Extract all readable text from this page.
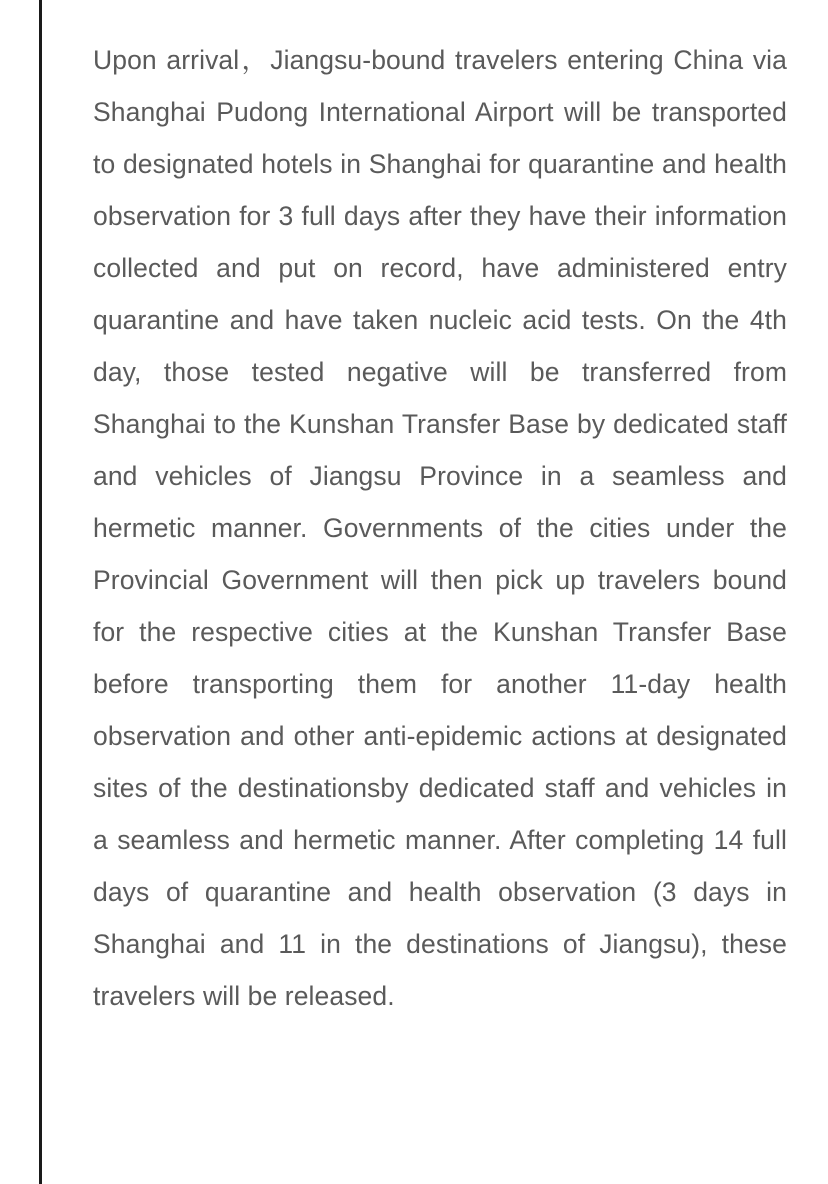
Upon arrival，Jiangsu-bound travelers entering China via Shanghai Pudong International Airport will be transported to designated hotels in Shanghai for quarantine and health observation for 3 full days after they have their information collected and put on record, have administered entry quarantine and have taken nucleic acid tests. On the 4th day, those tested negative will be transferred from Shanghai to the Kunshan Transfer Base by dedicated staff and vehicles of Jiangsu Province in a seamless and hermetic manner. Governments of the cities under the Provincial Government will then pick up travelers bound for the respective cities at the Kunshan Transfer Base before transporting them for another 11-day health observation and other anti-epidemic actions at designated sites of the destinationsby dedicated staff and vehicles in a seamless and hermetic manner. After completing 14 full days of quarantine and health observation (3 days in Shanghai and 11 in the destinations of Jiangsu), these travelers will be released.
